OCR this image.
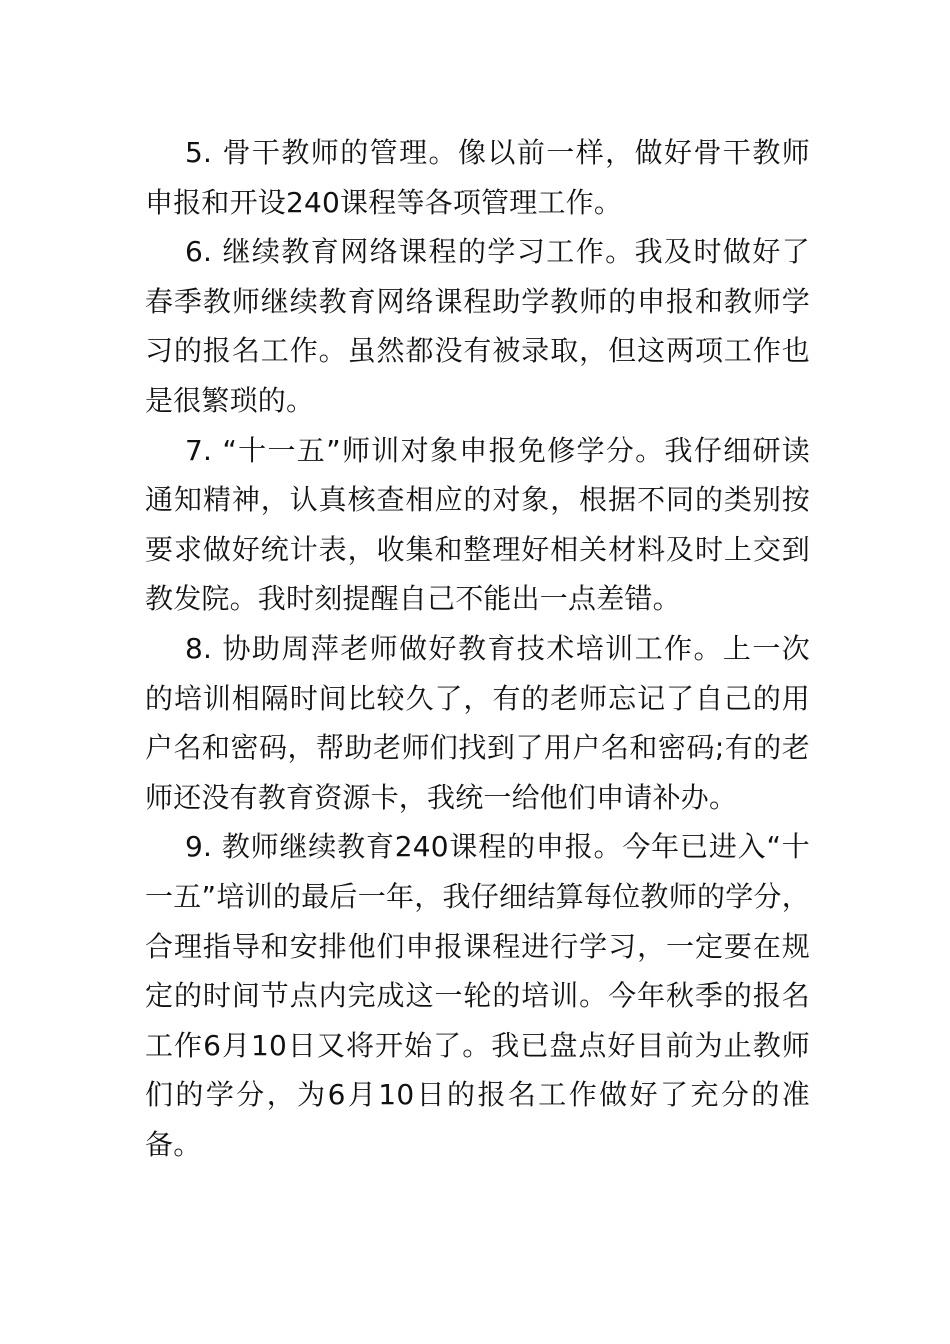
5. 骨干教师的管理。像以前一样，做好骨干教师申报和开设240课程等各项管理工作。

6. 继续教育网络课程的学习工作。我及时做好了春季教师继续教育网络课程助学教师的申报和教师学习的报名工作。虽然都没有被录取，但这两项工作也是很繁琐的。

7. “十一五”师训对象申报免修学分。我仔细研读通知精神，认真核查相应的对象，根据不同的类别按要求做好统计表，收集和整理好相关材料及时上交到教发院。我时刻提醒自己不能出一点差错。

8. 协助周萍老师做好教育技术培训工作。上一次的培训相隔时间比较久了，有的老师忘记了自己的用户名和密码，帮助老师们找到了用户名和密码;有的老师还没有教育资源卡，我统一给他们申请补办。

9. 教师继续教育240课程的申报。今年已进入“十一五”培训的最后一年，我仔细结算每位教师的学分，合理指导和安排他们申报课程进行学习，一定要在规定的时间节点内完成这一轮的培训。今年秋季的报名工作6月10日又将开始了。我已盘点好目前为止教师们的学分，为6月10日的报名工作做好了充分的准备。
